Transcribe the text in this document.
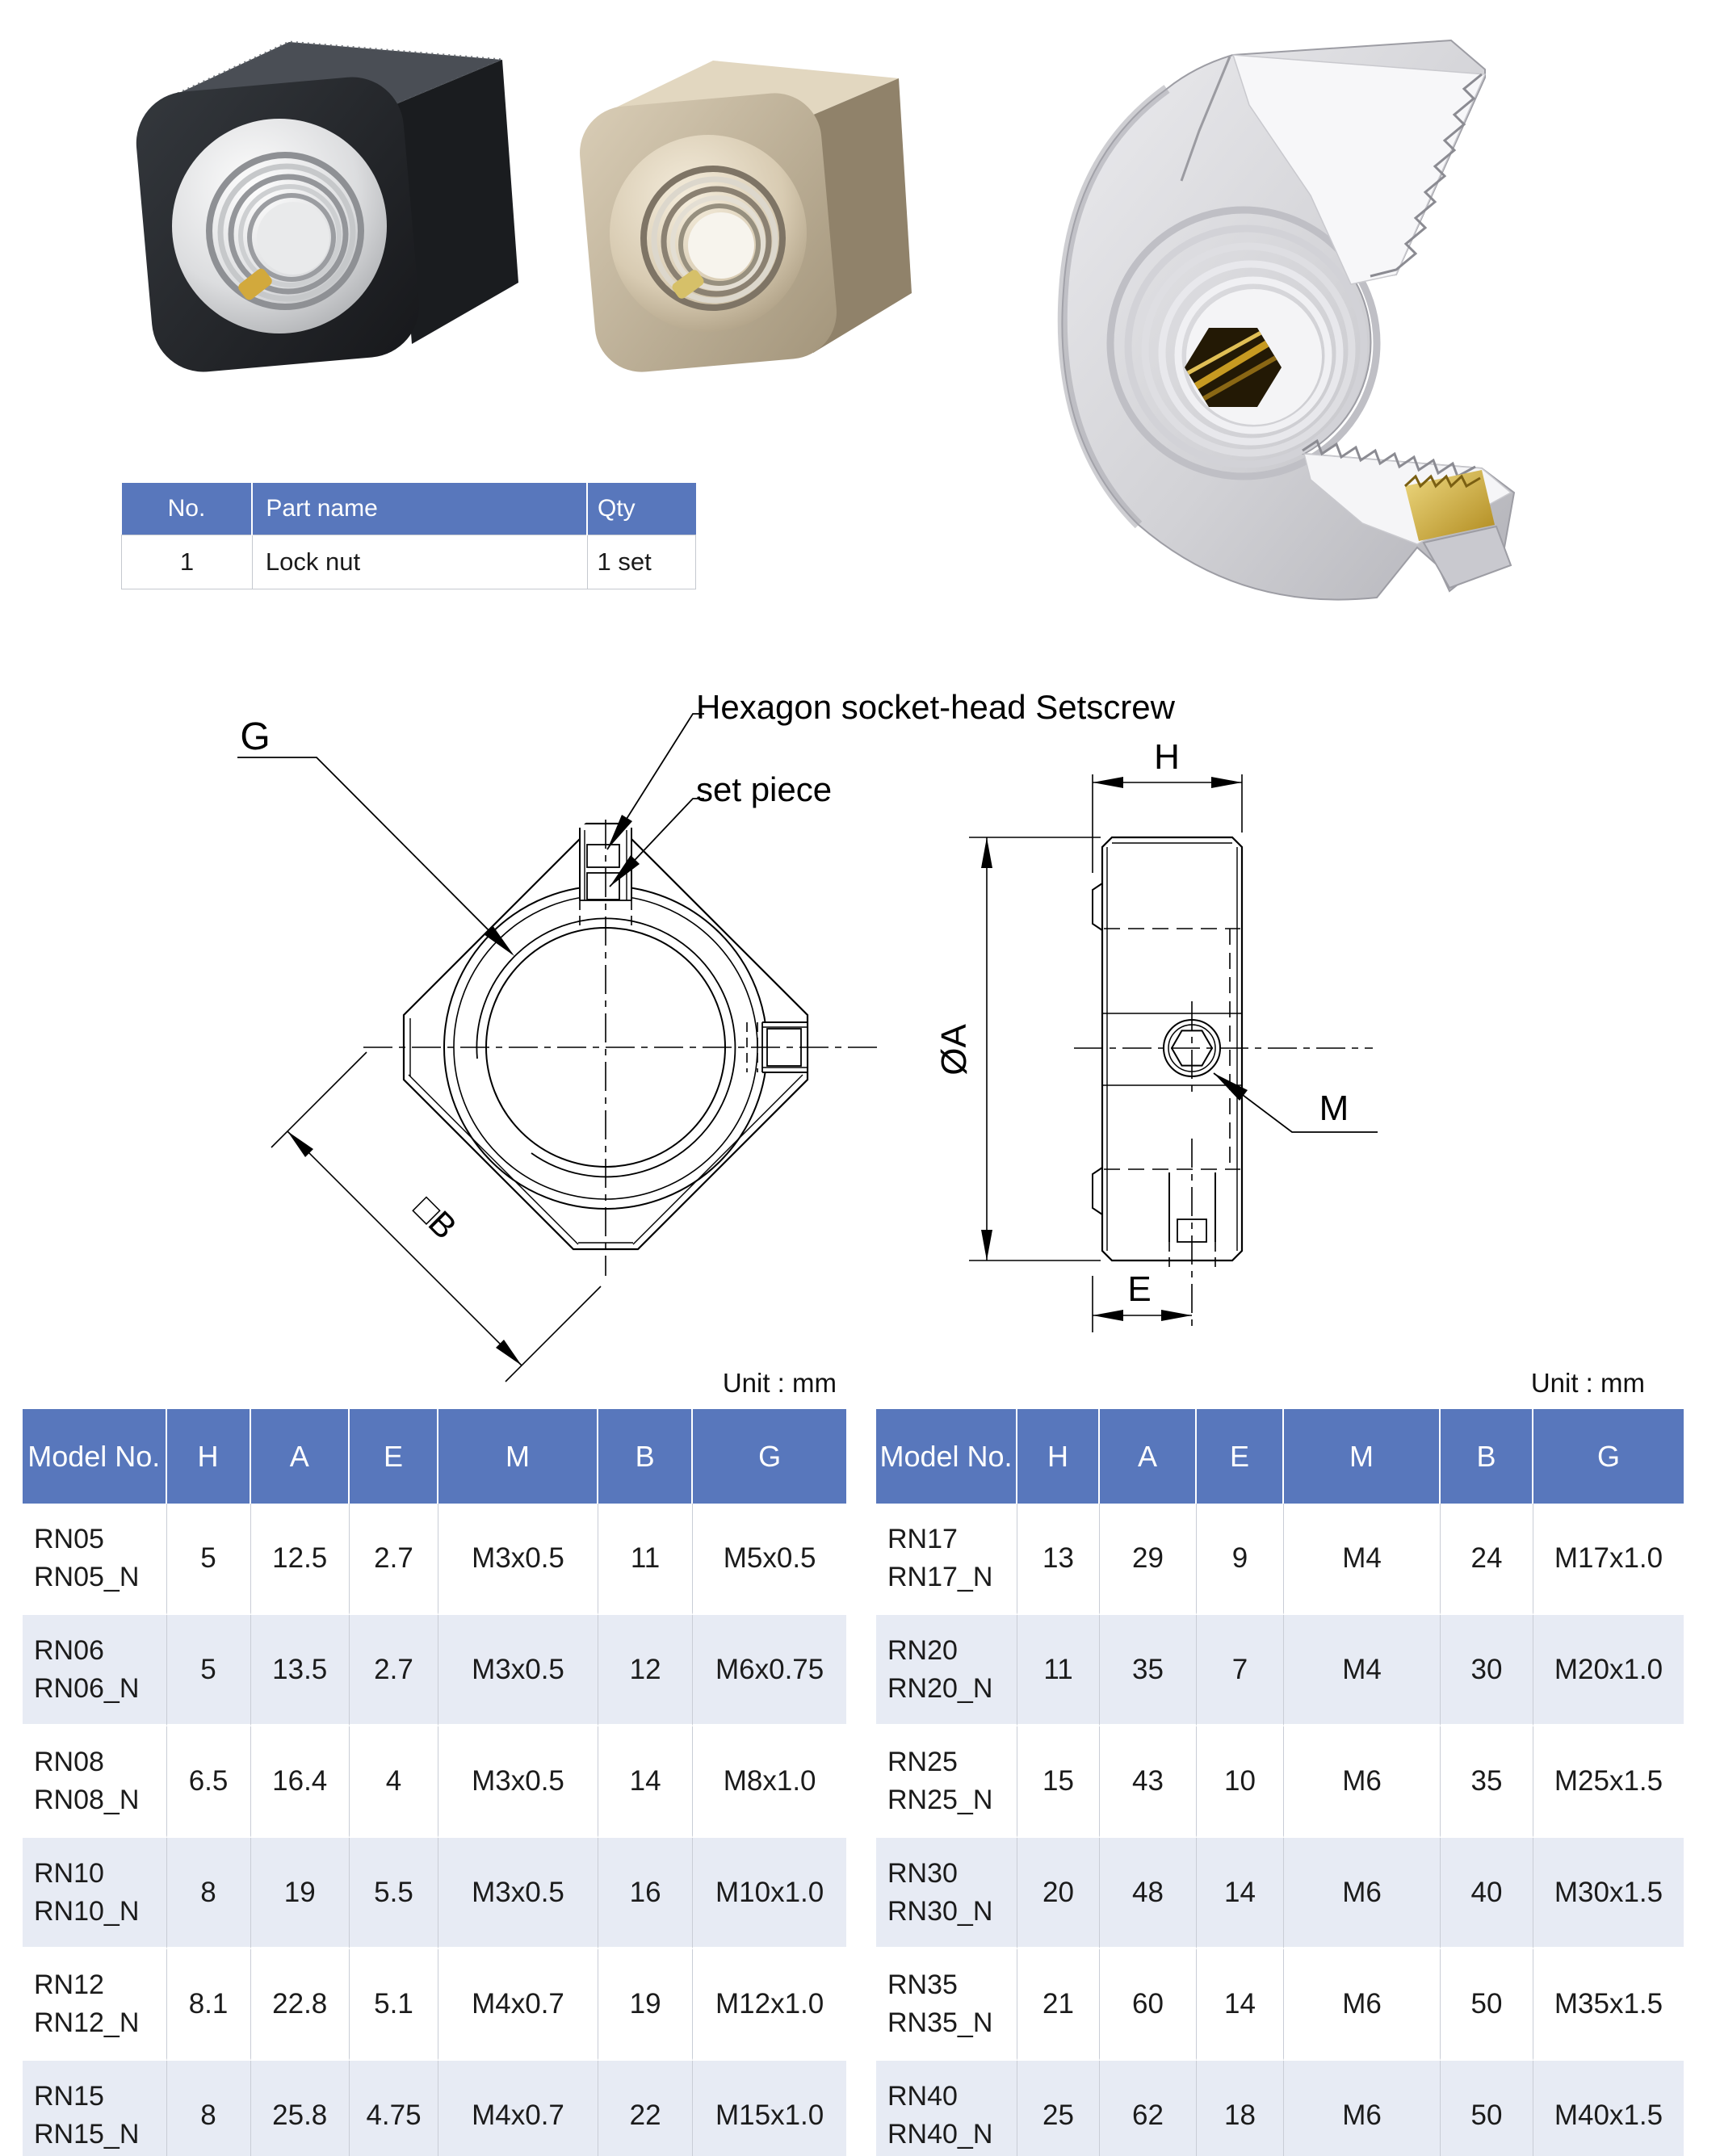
No.	Part name	Qty
1	Lock nut	1 set
G
Hexagon socket-head Setscrew
set piece
□B
H
ØA
M
E
Unit : mm	Unit : mm
Model No.	H	A	E	M	B	G

RN05
RN05_N	5	12.5	2.7	M3x0.5	11	M5x0.5

RN06
RN06_N	5	13.5	2.7	M3x0.5	12	M6x0.75

RN08
RN08_N	6.5	16.4	4	M3x0.5	14	M8x1.0

RN10
RN10_N	8	19	5.5	M3x0.5	16	M10x1.0

RN12
RN12_N	8.1	22.8	5.1	M4x0.7	19	M12x1.0

RN15
RN15_N	8	25.8	4.75	M4x0.7	22	M15x1.0
Model No.	H	A	E	M	B	G

RN17
RN17_N	13	29	9	M4	24	M17x1.0

RN20
RN20_N	11	35	7	M4	30	M20x1.0

RN25
RN25_N	15	43	10	M6	35	M25x1.5

RN30
RN30_N	20	48	14	M6	40	M30x1.5

RN35
RN35_N	21	60	14	M6	50	M35x1.5

RN40
RN40_N	25	62	18	M6	50	M40x1.5
